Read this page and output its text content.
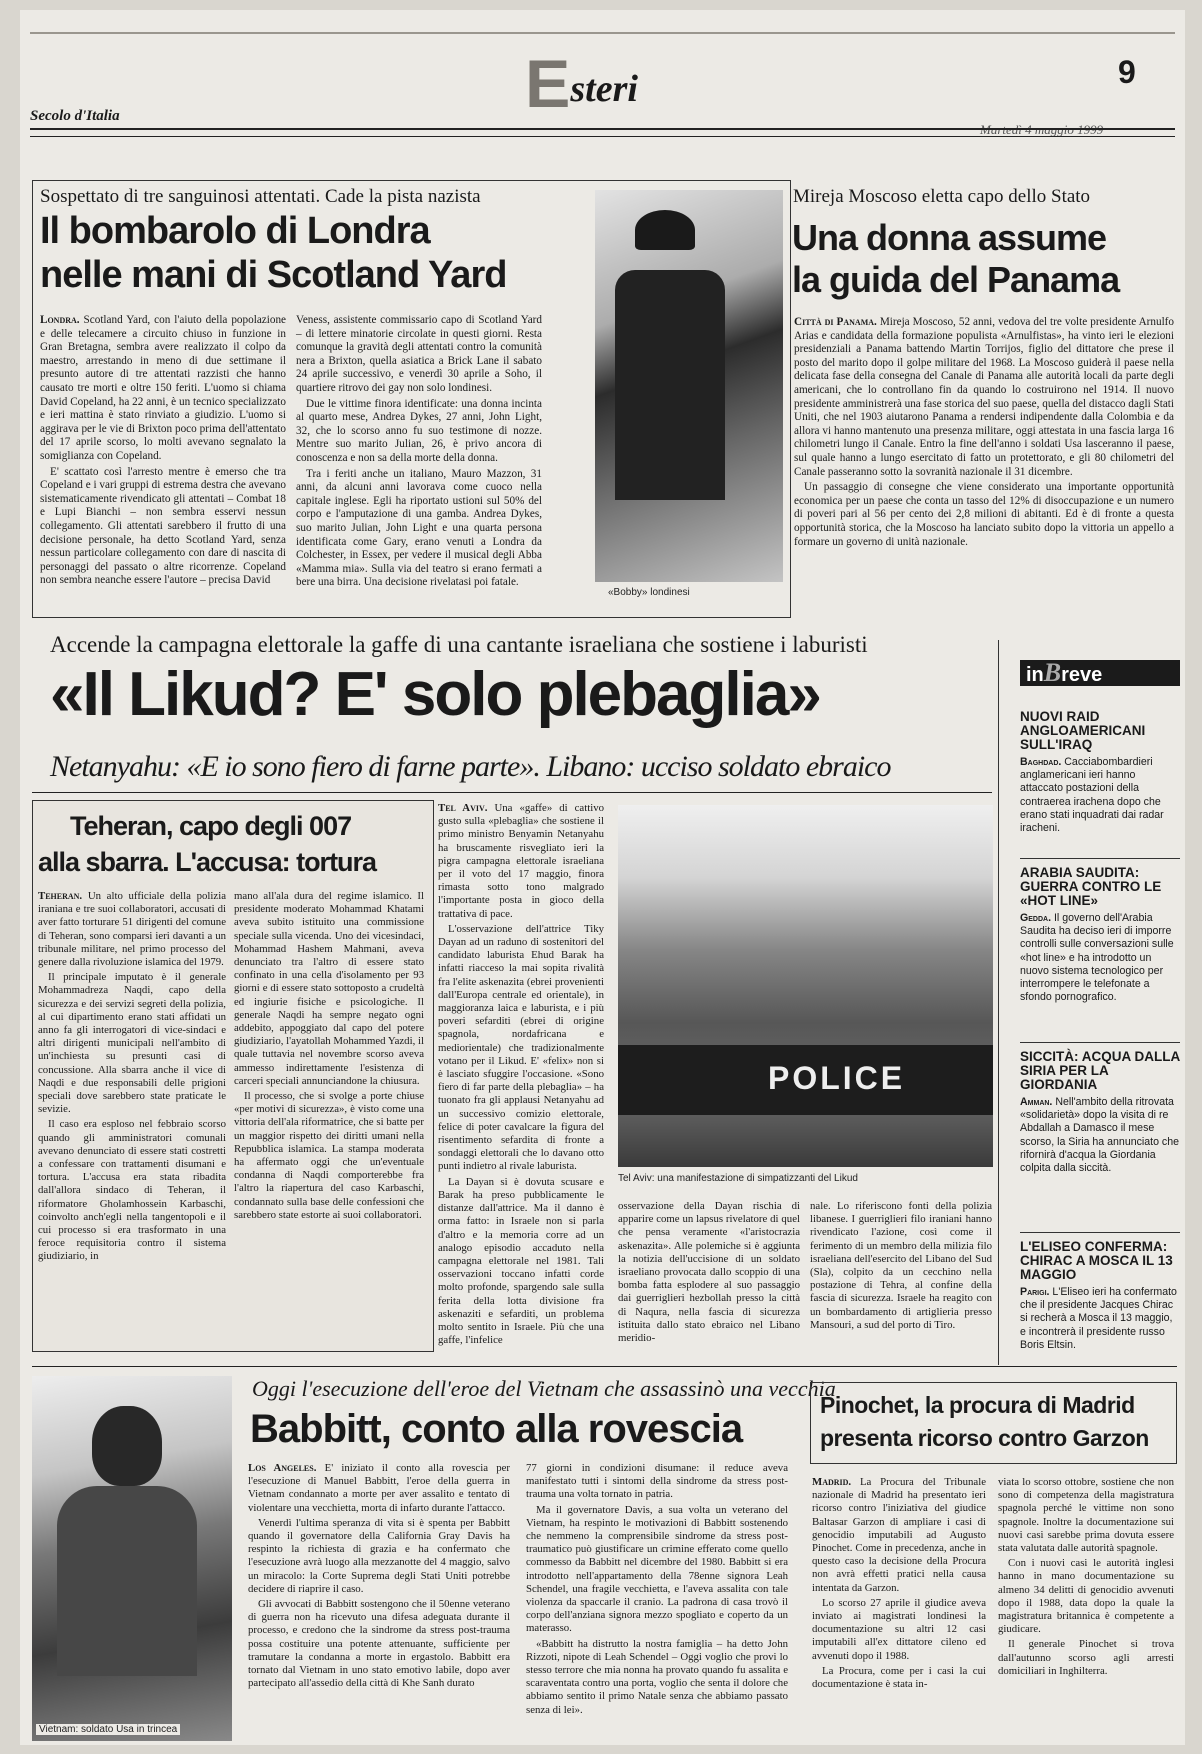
Secolo d'Italia	Esteri	9
Sospettato di tre sanguinosi attentati. Cade la pista nazista
Il bombarolo di Londra
nelle mani di Scotland Yard

Londra. Scotland Yard, con l'aiuto della popolazione e delle telecamere a circuito chiuso in funzione in Gran Bretagna, sembra avere realizzato il colpo da maestro, arrestando in meno di due settimane il presunto autore di tre attentati razzisti che hanno causato tre morti e oltre 150 feriti. L'uomo si chiama David Copeland, ha 22 anni, è un tecnico specializzato e ieri mattina è stato rinviato a giudizio. L'uomo si aggirava per le vie di Brixton poco prima dell'attentato del 17 aprile scorso, lo molti avevano segnalato la somiglianza con Copeland.

E' scattato così l'arresto mentre è emerso che tra Copeland e i vari gruppi di estrema destra che avevano sistematicamente rivendicato gli attentati – Combat 18 e Lupi Bianchi – non sembra esservi nessun collegamento. Gli attentati sarebbero il frutto di una decisione personale, ha detto Scotland Yard, senza nessun particolare collegamento con dare di nascita di personaggi del passato o altre ricorrenze. Copeland non sembra neanche essere l'autore – precisa David

Veness, assistente commissario capo di Scotland Yard – di lettere minatorie circolate in questi giorni. Resta comunque la gravità degli attentati contro la comunità nera a Brixton, quella asiatica a Brick Lane il sabato 24 aprile successivo, e venerdì 30 aprile a Soho, il quartiere ritrovo dei gay non solo londinesi.

Due le vittime finora identificate: una donna incinta al quarto mese, Andrea Dykes, 27 anni, John Light, 32, che lo scorso anno fu suo testimone di nozze. Mentre suo marito Julian, 26, è privo ancora di conoscenza e non sa della morte della donna.

Tra i feriti anche un italiano, Mauro Mazzon, 31 anni, da alcuni anni lavorava come cuoco nella capitale inglese. Egli ha riportato ustioni sul 50% del corpo e l'amputazione di una gamba. Andrea Dykes, suo marito Julian, John Light e una quarta persona identificata come Gary, erano venuti a Londra da Colchester, in Essex, per vedere il musical degli Abba «Mamma mia». Sulla via del teatro si erano fermati a bere una birra. Una decisione rivelatasi poi fatale.

«Bobby» londinesi
Mireja Moscoso eletta capo dello Stato
Una donna assume
la guida del Panama

Città di Panama. Mireja Moscoso, 52 anni, vedova del tre volte presidente Arnulfo Arias e candidata della formazione populista «Arnulfistas», ha vinto ieri le elezioni presidenziali a Panama battendo Martin Torrijos, figlio del dittatore che prese il posto del marito dopo il golpe militare del 1968. La Moscoso guiderà il paese nella delicata fase della consegna del Canale di Panama alle autorità locali da parte degli americani, che lo controllano fin da quando lo costruirono nel 1914. Il nuovo presidente amministrerà una fase storica del suo paese, quella del distacco dagli Stati Uniti, che nel 1903 aiutarono Panama a rendersi indipendente dalla Colombia e da allora vi hanno mantenuto una presenza militare, oggi attestata in una fascia larga 16 chilometri lungo il Canale. Entro la fine dell'anno i soldati Usa lasceranno il paese, sul quale hanno a lungo esercitato di fatto un protettorato, e gli 80 chilometri del Canale passeranno sotto la sovranità nazionale il 31 dicembre.

Un passaggio di consegne che viene considerato una importante opportunità economica per un paese che conta un tasso del 12% di disoccupazione e un numero di poveri pari al 56 per cento dei 2,8 milioni di abitanti. Ed è di fronte a questa opportunità storica, che la Moscoso ha lanciato subito dopo la vittoria un appello a formare un governo di unità nazionale.

Accende la campagna elettorale la gaffe di una cantante israeliana che sostiene i laburisti
«Il Likud? E' solo plebaglia»
Netanyahu: «E io sono fiero di farne parte». Libano: ucciso soldato ebraico
Teheran, capo degli 007
alla sbarra. L'accusa: tortura

Teheran. Un alto ufficiale della polizia iraniana e tre suoi collaboratori, accusati di aver fatto torturare 51 dirigenti del comune di Teheran, sono comparsi ieri davanti a un tribunale militare, nel primo processo del genere dalla rivoluzione islamica del 1979.

Il principale imputato è il generale Mohammadreza Naqdi, capo della sicurezza e dei servizi segreti della polizia, al cui dipartimento erano stati affidati un anno fa gli interrogatori di vice-sindaci e altri dirigenti municipali nell'ambito di un'inchiesta su presunti casi di concussione. Alla sbarra anche il vice di Naqdi e due responsabili delle prigioni speciali dove sarebbero state praticate le sevizie.

Il caso era esploso nel febbraio scorso quando gli amministratori comunali avevano denunciato di essere stati costretti a confessare con trattamenti disumani e tortura. L'accusa era stata ribadita dall'allora sindaco di Teheran, il riformatore Gholamhossein Karbaschi, coinvolto anch'egli nella tangentopoli e il cui processo si era trasformato in una feroce requisitoria contro il sistema giudiziario, in

mano all'ala dura del regime islamico. Il presidente moderato Mohammad Khatami aveva subito istituito una commissione speciale sulla vicenda. Uno dei vicesindaci, Mohammad Hashem Mahmani, aveva denunciato tra l'altro di essere stato confinato in una cella d'isolamento per 93 giorni e di essere stato sottoposto a crudeltà ed ingiurie fisiche e psicologiche. Il generale Naqdi ha sempre negato ogni addebito, appoggiato dal capo del potere giudiziario, l'ayatollah Mohammed Yazdi, il quale tuttavia nel novembre scorso aveva ammesso indirettamente l'esistenza di carceri speciali annunciandone la chiusura.

Il processo, che si svolge a porte chiuse «per motivi di sicurezza», è visto come una vittoria dell'ala riformatrice, che si batte per un maggior rispetto dei diritti umani nella Repubblica islamica. La stampa moderata ha affermato oggi che un'eventuale condanna di Naqdi comporterebbe fra l'altro la riapertura del caso Karbaschi, condannato sulla base delle confessioni che sarebbero state estorte ai suoi collaboratori.

Tel Aviv. Una «gaffe» di cattivo gusto sulla «plebaglia» che sostiene il primo ministro Benyamin Netanyahu ha bruscamente risvegliato ieri la pigra campagna elettorale israeliana per il voto del 17 maggio, finora rimasta sotto tono malgrado l'importante posta in gioco della trattativa di pace.

L'osservazione dell'attrice Tiky Dayan ad un raduno di sostenitori del candidato laburista Ehud Barak ha infatti riacceso la mai sopita rivalità fra l'elite askenazita (ebrei provenienti dall'Europa centrale ed orientale), in maggioranza laica e laburista, e i più poveri sefarditi (ebrei di origine spagnola, nordafricana e mediorientale) che tradizionalmente votano per il Likud. E' «felix» non si è lasciato sfuggire l'occasione. «Sono fiero di far parte della plebaglia» – ha tuonato fra gli applausi Netanyahu ad un successivo comizio elettorale, felice di poter cavalcare la figura del risentimento sefardita di fronte a sondaggi elettorali che lo davano otto punti indietro al rivale laburista.

La Dayan si è dovuta scusare e Barak ha preso pubblicamente le distanze dall'attrice. Ma il danno è orma fatto: in Israele non si parla d'altro e la memoria corre ad un analogo episodio accaduto nella campagna elettorale nel 1981. Tali osservazioni toccano infatti corde molto profonde, spargendo sale sulla ferita della lotta divisione fra askenaziti e sefarditi, un problema molto sentito in Israele. Più che una gaffe, l'infelice

POLICE
Tel Aviv: una manifestazione di simpatizzanti del Likud

osservazione della Dayan rischia di apparire come un lapsus rivelatore di quel che pensa veramente «l'aristocrazia askenazita». Alle polemiche si è aggiunta la notizia dell'uccisione di un soldato israeliano provocata dallo scoppio di una bomba fatta esplodere al suo passaggio dai guerriglieri hezbollah presso la città di Naqura, nella fascia di sicurezza istituita dallo stato ebraico nel Libano meridio-

nale. Lo riferiscono fonti della polizia libanese. I guerriglieri filo iraniani hanno rivendicato l'azione, così come il ferimento di un membro della milizia filo israeliana dell'esercito del Libano del Sud (Sla), colpito da un cecchino nella postazione di Tehra, al confine della fascia di sicurezza. Israele ha reagito con un bombardamento di artiglieria presso Mansouri, a sud del porto di Tiro.

inBreve
NUOVI RAID ANGLOAMERICANI SULL'IRAQ

Baghdad. Cacciabombardieri anglamericani ieri hanno attaccato postazioni della contraerea irachena dopo che erano stati inquadrati dai radar iracheni.

ARABIA SAUDITA: GUERRA CONTRO LE «HOT LINE»

Gedda. Il governo dell'Arabia Saudita ha deciso ieri di imporre controlli sulle conversazioni sulle «hot line» e ha introdotto un nuovo sistema tecnologico per interrompere le telefonate a sfondo pornografico.

SICCITÀ: ACQUA DALLA SIRIA PER LA GIORDANIA

Amman. Nell'ambito della ritrovata «solidarietà» dopo la visita di re Abdallah a Damasco il mese scorso, la Siria ha annunciato che rifornirà d'acqua la Giordania colpita dalla siccità.

L'ELISEO CONFERMA: CHIRAC A MOSCA IL 13 MAGGIO

Parigi. L'Eliseo ieri ha confermato che il presidente Jacques Chirac si recherà a Mosca il 13 maggio, e incontrerà il presidente russo Boris Eltsin.

Vietnam: soldato Usa in trincea
Oggi l'esecuzione dell'eroe del Vietnam che assassinò una vecchia
Babbitt, conto alla rovescia

Los Angeles. E' iniziato il conto alla rovescia per l'esecuzione di Manuel Babbitt, l'eroe della guerra in Vietnam condannato a morte per aver assalito e tentato di violentare una vecchietta, morta di infarto durante l'attacco.

Venerdì l'ultima speranza di vita si è spenta per Babbitt quando il governatore della California Gray Davis ha respinto la richiesta di grazia e ha confermato che l'esecuzione avrà luogo alla mezzanotte del 4 maggio, salvo un miracolo: la Corte Suprema degli Stati Uniti potrebbe decidere di riaprire il caso.

Gli avvocati di Babbitt sostengono che il 50enne veterano di guerra non ha ricevuto una difesa adeguata durante il processo, e credono che la sindrome da stress post-trauma possa costituire una potente attenuante, sufficiente per tramutare la condanna a morte in ergastolo. Babbitt era tornato dal Vietnam in uno stato emotivo labile, dopo aver partecipato all'assedio della città di Khe Sanh durato

77 giorni in condizioni disumane: il reduce aveva manifestato tutti i sintomi della sindrome da stress post-trauma una volta tornato in patria.

Ma il governatore Davis, a sua volta un veterano del Vietnam, ha respinto le motivazioni di Babbitt sostenendo che nemmeno la comprensibile sindrome da stress post-traumatico può giustificare un crimine efferato come quello commesso da Babbitt nel dicembre del 1980. Babbitt si era introdotto nell'appartamento della 78enne signora Leah Schendel, una fragile vecchietta, e l'aveva assalita con tale violenza da spaccarle il cranio. La padrona di casa trovò il corpo dell'anziana signora mezzo spogliato e coperto da un materasso.

«Babbitt ha distrutto la nostra famiglia – ha detto John Rizzoti, nipote di Leah Schendel – Oggi voglio che provi lo stesso terrore che mia nonna ha provato quando fu assalita e scaraventata contro una porta, voglio che senta il dolore che abbiamo sentito il primo Natale senza che abbiamo passato senza di lei».

Pinochet, la procura di Madrid
presenta ricorso contro Garzon

Madrid. La Procura del Tribunale nazionale di Madrid ha presentato ieri ricorso contro l'iniziativa del giudice Baltasar Garzon di ampliare i casi di genocidio imputabili ad Augusto Pinochet. Come in precedenza, anche in questo caso la decisione della Procura non avrà effetti pratici nella causa intentata da Garzon.

Lo scorso 27 aprile il giudice aveva inviato ai magistrati londinesi la documentazione su altri 12 casi imputabili all'ex dittatore cileno ed avvenuti dopo il 1988.

La Procura, come per i casi la cui documentazione è stata in-

viata lo scorso ottobre, sostiene che non sono di competenza della magistratura spagnola perché le vittime non sono spagnole. Inoltre la documentazione sui nuovi casi sarebbe prima dovuta essere stata valutata dalle autorità spagnole.

Con i nuovi casi le autorità inglesi hanno in mano documentazione su almeno 34 delitti di genocidio avvenuti dopo il 1988, data dopo la quale la magistratura britannica è competente a giudicare.

Il generale Pinochet si trova dall'autunno scorso agli arresti domiciliari in Inghilterra.
